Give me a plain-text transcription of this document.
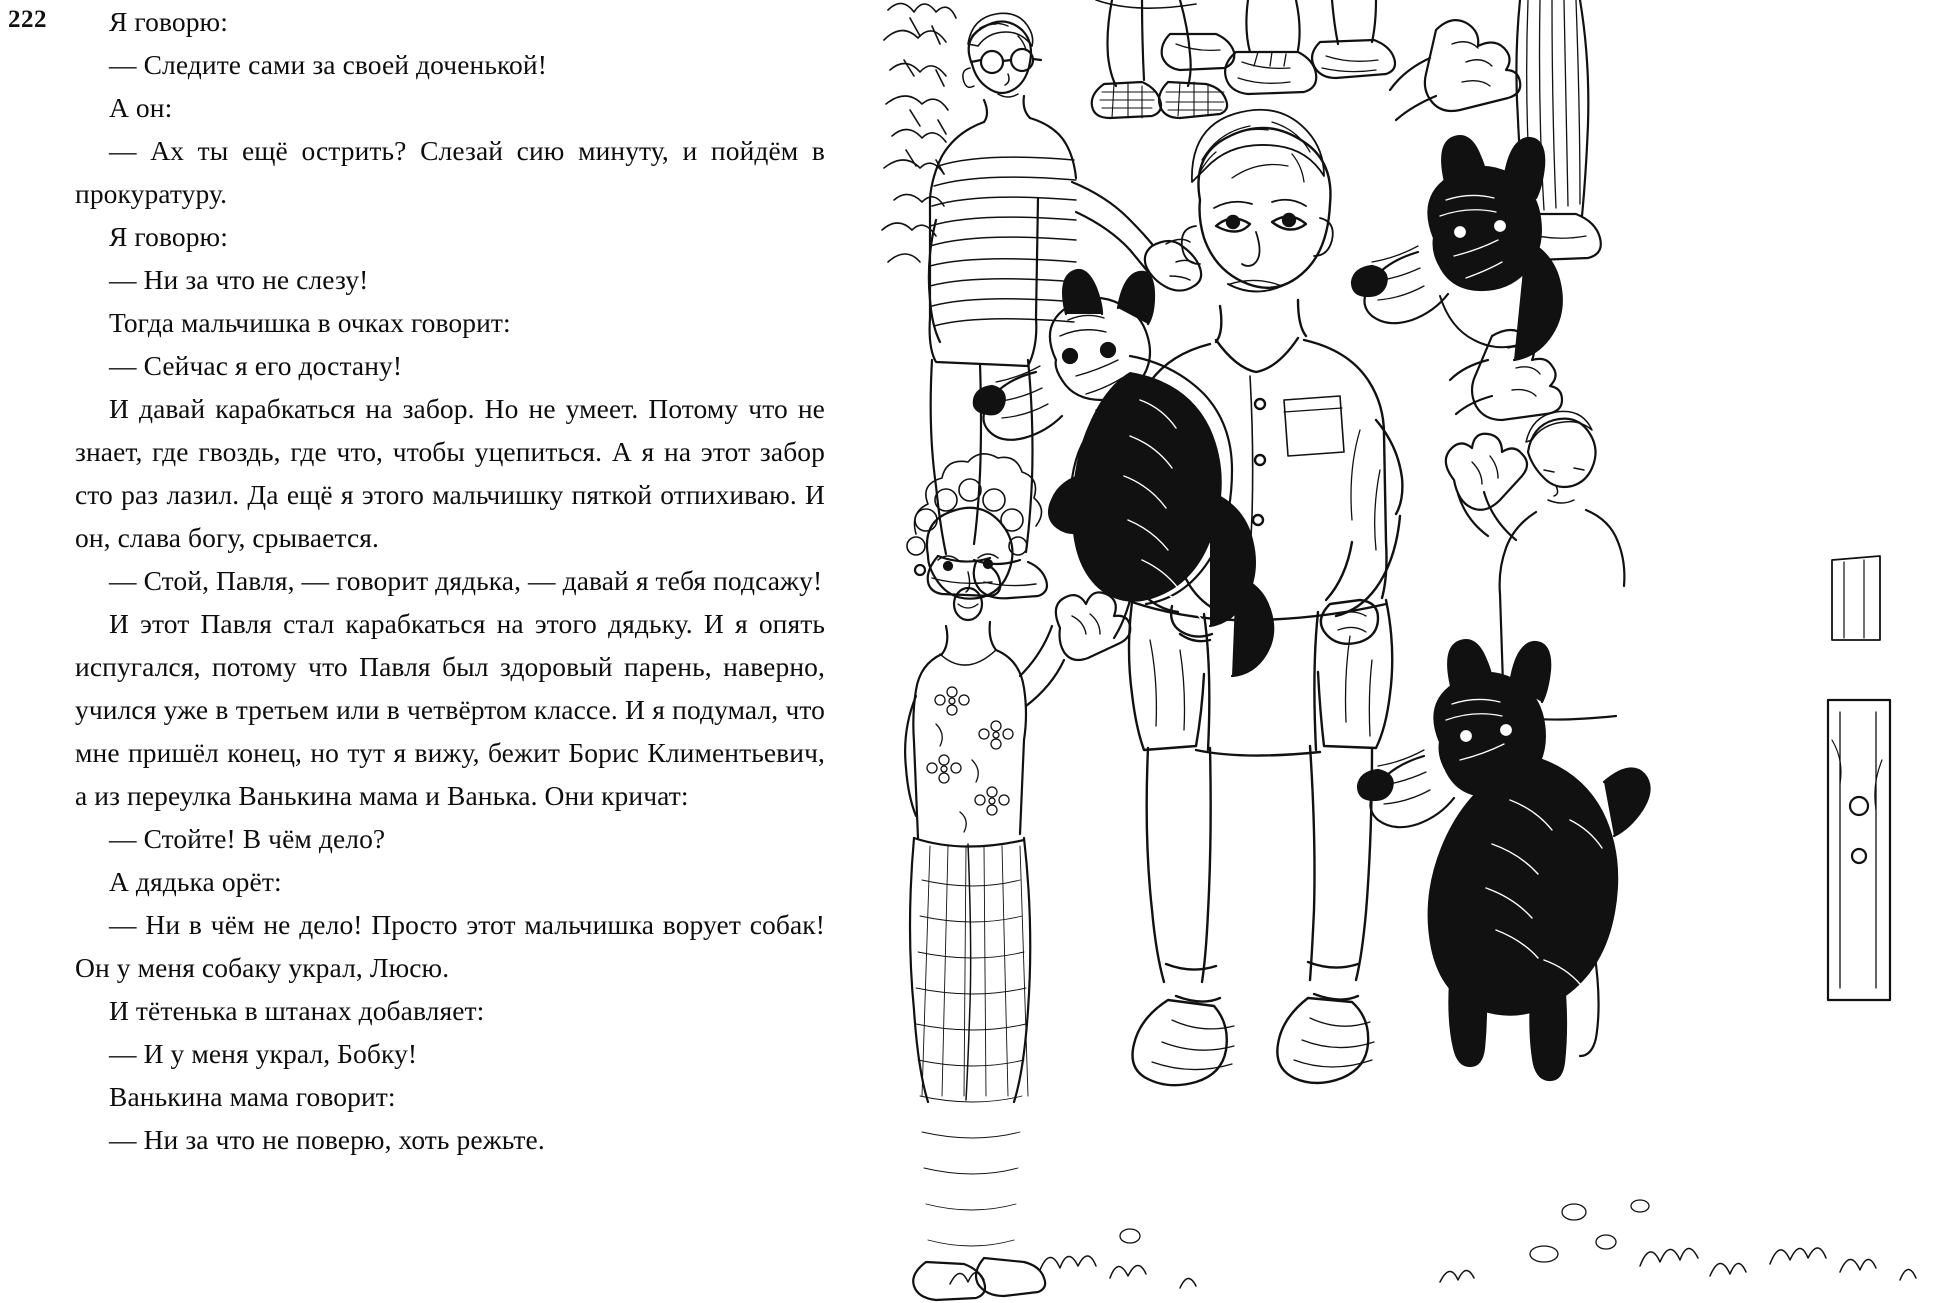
222	Я говорю:

— Следите сами за своей доченькой!

А он:

— Ах ты ещё острить? Слезай сию минуту, и пойдём в прокуратуру.

Я говорю:

— Ни за что не слезу!

Тогда мальчишка в очках говорит:

— Сейчас я его достану!

И давай карабкаться на забор. Но не умеет. Потому что не знает, где гвоздь, где что, чтобы уцепиться. А я на этот забор сто раз лазил. Да ещё я этого мальчишку пяткой отпихиваю. И он, слава богу, срывается.

— Стой, Павля, — говорит дядька, — давай я тебя подсажу!

И этот Павля стал карабкаться на этого дядьку. И я опять испугался, потому что Павля был здоровый парень, наверно, учился уже в третьем или в четвёртом классе. И я подумал, что мне пришёл конец, но тут я вижу, бежит Борис Климентьевич, а из переулка Ванькина мама и Ванька. Они кричат:

— Стойте! В чём дело?

А дядька орёт:

— Ни в чём не дело! Просто этот мальчишка ворует собак! Он у меня собаку украл, Люсю.

И тётенька в штанах добавляет:

— И у меня украл, Бобку!

Ванькина мама говорит:

— Ни за что не поверю, хоть режьте.
